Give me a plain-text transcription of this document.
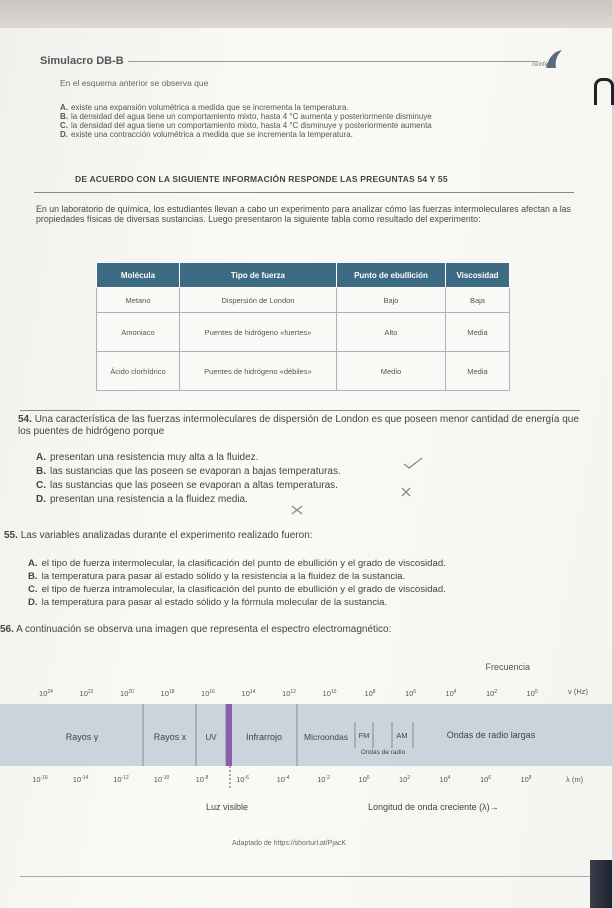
Simulacro DB-B	ceinfes
En el esquema anterior se observa que
A. existe una expansión volumétrica a medida que se incrementa la temperatura.
B. la densidad del agua tiene un comportamiento mixto, hasta 4 °C aumenta y posteriormente disminuye
C. la densidad del agua tiene un comportamiento mixto, hasta 4 °C disminuye y posteriormente aumenta
D. existe una contracción volumétrica a medida que se incrementa la temperatura.
DE ACUERDO CON LA SIGUIENTE INFORMACIÓN RESPONDE LAS PREGUNTAS 54 Y 55
En un laboratorio de química, los estudiantes llevan a cabo un experimento para analizar cómo las fuerzas intermoleculares afectan a las propiedades físicas de diversas sustancias. Luego presentaron la siguiente tabla como resultado del experimento:
Molécula	Tipo de fuerza	Punto de ebullición	Viscosidad
Metano	Dispersión de London	Bajo	Baja
Amoniaco	Puentes de hidrógeno «fuertes»	Alto	Media
Ácido clorhídrico	Puentes de hidrógeno «débiles»	Medio	Media
54. Una característica de las fuerzas intermoleculares de dispersión de London es que poseen menor cantidad de energía que los puentes de hidrógeno porque
A. presentan una resistencia muy alta a la fluidez.
B. las sustancias que las poseen se evaporan a bajas temperaturas.
C. las sustancias que las poseen se evaporan a altas temperaturas.
D. presentan una resistencia a la fluidez media.
55. Las variables analizadas durante el experimento realizado fueron:
A. el tipo de fuerza intermolecular, la clasificación del punto de ebullición y el grado de viscosidad.
B. la temperatura para pasar al estado sólido y la resistencia a la fluidez de la sustancia.
C. el tipo de fuerza intramolecular, la clasificación del punto de ebullición y el grado de viscosidad.
D. la temperatura para pasar al estado sólido y la fórmula molecular de la sustancia.
56. A continuación se observa una imagen que representa el espectro electromagnético:
Frecuencia
$10^{24}$	$10^{22}$	$10^{20}$	$10^{18}$	$10^{16}$	$10^{14}$	$10^{12}$	$10^{10}$	$10^8$	$10^6$	$10^4$	$10^2$	$10^0$	ν (Hz)
Rayos γ	Rayos x UV	Infrarrojo	Microondas FM	AM	Ondas de radio largas
Ondas de radio
$10^{-16}$	$10^{-14}$	$10^{-12}$	$10^{-10}$	$10^{-8}$	$10^{-6}$	$10^{-4}$	$10^{-2}$	$10^0$	$10^2$	$10^4$	$10^6$	$10^8$	λ (m)
Luz visible	Longitud de onda creciente (λ)→
Adaptado de https://shorturl.at/PjacK
